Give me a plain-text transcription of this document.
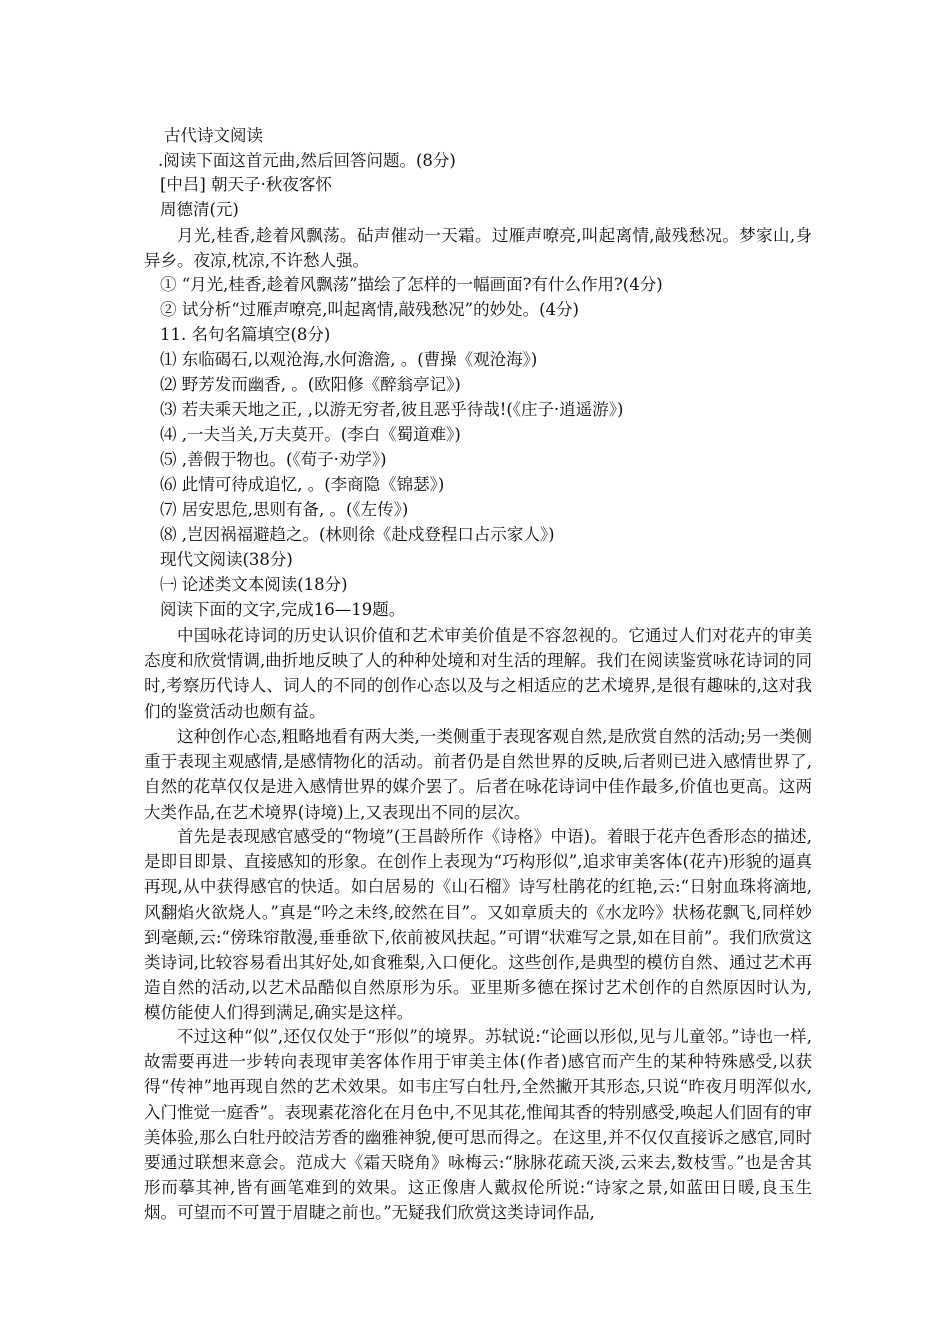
古代诗文阅读
.阅读下面这首元曲,然后回答问题。(8分)
[中吕] 朝天子·秋夜客怀
周德清(元)
月光,桂香,趁着风飘荡。砧声催动一天霜。过雁声嘹亮,叫起离情,敲残愁况。梦家山,身异乡。夜凉,枕凉,不许愁人强。
① “月光,桂香,趁着风飘荡”描绘了怎样的一幅画面?有什么作用?(4分)
② 试分析“过雁声嘹亮,叫起离情,敲残愁况”的妙处。(4分)
11. 名句名篇填空(8分)
⑴ 东临碣石,以观沧海,水何澹澹, 。(曹操《观沧海》)
⑵ 野芳发而幽香, 。(欧阳修《醉翁亭记》)
⑶ 若夫乘天地之正, ,以游无穷者,彼且恶乎待哉!(《庄子·逍遥游》)
⑷ ,一夫当关,万夫莫开。(李白《蜀道难》)
⑸ ,善假于物也。(《荀子·劝学》)
⑹ 此情可待成追忆, 。(李商隐《锦瑟》)
⑺ 居安思危,思则有备, 。(《左传》)
⑻ ,岂因祸福避趋之。(林则徐《赴戍登程口占示家人》)
现代文阅读(38分)
㈠ 论述类文本阅读(18分)
阅读下面的文字,完成16—19题。
中国咏花诗词的历史认识价值和艺术审美价值是不容忽视的。它通过人们对花卉的审美态度和欣赏情调,曲折地反映了人的种种处境和对生活的理解。我们在阅读鉴赏咏花诗词的同时,考察历代诗人、词人的不同的创作心态以及与之相适应的艺术境界,是很有趣味的,这对我们的鉴赏活动也颇有益。
这种创作心态,粗略地看有两大类,一类侧重于表现客观自然,是欣赏自然的活动;另一类侧重于表现主观感情,是感情物化的活动。前者仍是自然世界的反映,后者则已进入感情世界了,自然的花草仅仅是进入感情世界的媒介罢了。后者在咏花诗词中佳作最多,价值也更高。这两大类作品,在艺术境界(诗境)上,又表现出不同的层次。
首先是表现感官感受的“物境”(王昌龄所作《诗格》中语)。着眼于花卉色香形态的描述,是即目即景、直接感知的形象。在创作上表现为“巧构形似”,追求审美客体(花卉)形貌的逼真再现,从中获得感官的快适。如白居易的《山石榴》诗写杜鹃花的红艳,云:“日射血珠将滴地,风翻焰火欲烧人。”真是“吟之未终,皎然在目”。又如章质夫的《水龙吟》状杨花飘飞,同样妙到毫颠,云:“傍珠帘散漫,垂垂欲下,依前被风扶起。”可谓“状难写之景,如在目前”。我们欣赏这类诗词,比较容易看出其好处,如食雅梨,入口便化。这些创作,是典型的模仿自然、通过艺术再造自然的活动,以艺术品酷似自然原形为乐。亚里斯多德在探讨艺术创作的自然原因时认为,模仿能使人们得到满足,确实是这样。
不过这种“似”,还仅仅处于“形似”的境界。苏轼说:“论画以形似,见与儿童邻。”诗也一样,故需要再进一步转向表现审美客体作用于审美主体(作者)感官而产生的某种特殊感受,以获得“传神”地再现自然的艺术效果。如韦庄写白牡丹,全然撇开其形态,只说“昨夜月明浑似水,入门惟觉一庭香”。表现素花溶化在月色中,不见其花,惟闻其香的特别感受,唤起人们固有的审美体验,那么白牡丹皎洁芳香的幽雅神貌,便可思而得之。在这里,并不仅仅直接诉之感官,同时要通过联想来意会。范成大《霜天晓角》咏梅云:“脉脉花疏天淡,云来去,数枝雪。”也是舍其形而摹其神,皆有画笔难到的效果。这正像唐人戴叔伦所说:“诗家之景,如蓝田日暖,良玉生烟。可望而不可置于眉睫之前也。”无疑我们欣赏这类诗词作品,
